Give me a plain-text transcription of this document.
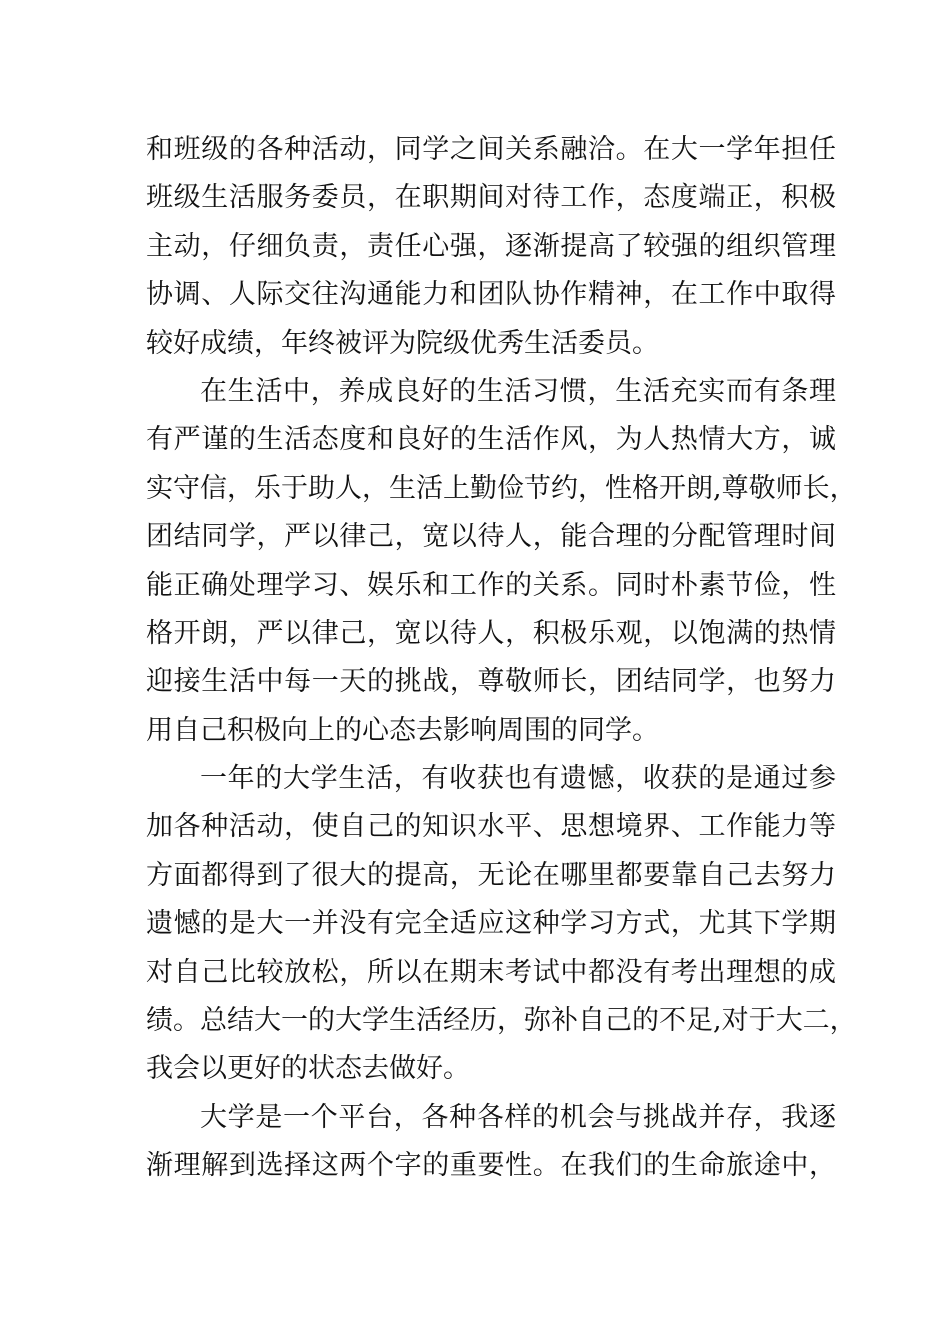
和班级的各种活动，同学之间关系融洽。在大一学年担任
班级生活服务委员，在职期间对待工作，态度端正，积极
主动，仔细负责，责任心强，逐渐提高了较强的组织管理
协调、人际交往沟通能力和团队协作精神，在工作中取得
较好成绩，年终被评为院级优秀生活委员。
在生活中，养成良好的生活习惯，生活充实而有条理
有严谨的生活态度和良好的生活作风，为人热情大方，诚
实守信，乐于助人，生活上勤俭节约，性格开朗,尊敬师长，
团结同学，严以律己，宽以待人，能合理的分配管理时间
能正确处理学习、娱乐和工作的关系。同时朴素节俭，性
格开朗，严以律己，宽以待人，积极乐观，以饱满的热情
迎接生活中每一天的挑战，尊敬师长，团结同学，也努力
用自己积极向上的心态去影响周围的同学。
一年的大学生活，有收获也有遗憾，收获的是通过参
加各种活动，使自己的知识水平、思想境界、工作能力等
方面都得到了很大的提高，无论在哪里都要靠自己去努力
遗憾的是大一并没有完全适应这种学习方式，尤其下学期
对自己比较放松，所以在期末考试中都没有考出理想的成
绩。总结大一的大学生活经历，弥补自己的不足,对于大二，
我会以更好的状态去做好。
大学是一个平台，各种各样的机会与挑战并存，我逐
渐理解到选择这两个字的重要性。在我们的生命旅途中，
